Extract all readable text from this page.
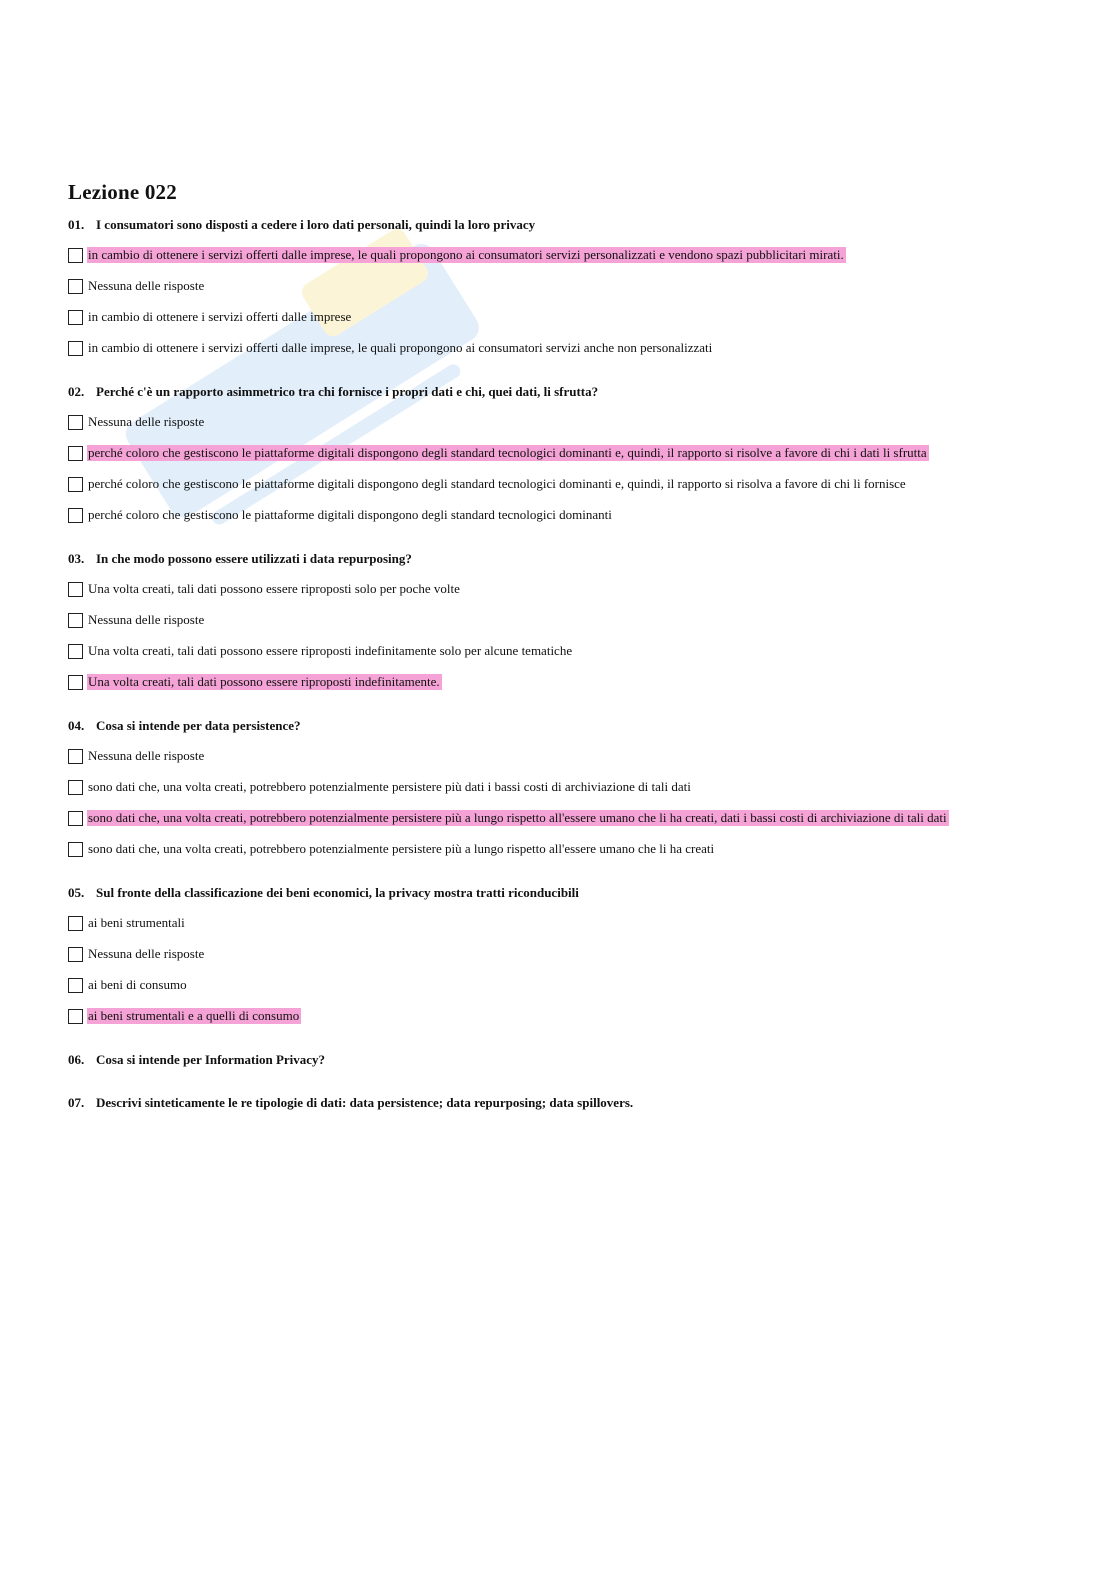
Lezione 022
01. I consumatori sono disposti a cedere i loro dati personali, quindi la loro privacy
in cambio di ottenere i servizi offerti dalle imprese, le quali propongono ai consumatori servizi personalizzati e vendono spazi pubblicitari mirati.
Nessuna delle risposte
in cambio di ottenere i servizi offerti dalle imprese
in cambio di ottenere i servizi offerti dalle imprese, le quali propongono ai consumatori servizi anche non personalizzati
02. Perché c'è un rapporto asimmetrico tra chi fornisce i propri dati e chi, quei dati, li sfrutta?
Nessuna delle risposte
perché coloro che gestiscono le piattaforme digitali dispongono degli standard tecnologici dominanti e, quindi, il rapporto si risolve a favore di chi i dati li sfrutta
perché coloro che gestiscono le piattaforme digitali dispongono degli standard tecnologici dominanti e, quindi, il rapporto si risolva a favore di chi li fornisce
perché coloro che gestiscono le piattaforme digitali dispongono degli standard tecnologici dominanti
03. In che modo possono essere utilizzati i data repurposing?
Una volta creati, tali dati possono essere riproposti solo per poche volte
Nessuna delle risposte
Una volta creati, tali dati possono essere riproposti indefinitamente solo per alcune tematiche
Una volta creati, tali dati possono essere riproposti indefinitamente.
04. Cosa si intende per data persistence?
Nessuna delle risposte
sono dati che, una volta creati, potrebbero potenzialmente persistere più dati i bassi costi di archiviazione di tali dati
sono dati che, una volta creati, potrebbero potenzialmente persistere più a lungo rispetto all'essere umano che li ha creati, dati i bassi costi di archiviazione di tali dati
sono dati che, una volta creati, potrebbero potenzialmente persistere più a lungo rispetto all'essere umano che li ha creati
05. Sul fronte della classificazione dei beni economici, la privacy mostra tratti riconducibili
ai beni strumentali
Nessuna delle risposte
ai beni di consumo
ai beni strumentali e a quelli di consumo
06. Cosa si intende per Information Privacy?
07. Descrivi sinteticamente le re tipologie di dati: data persistence; data repurposing; data spillovers.
